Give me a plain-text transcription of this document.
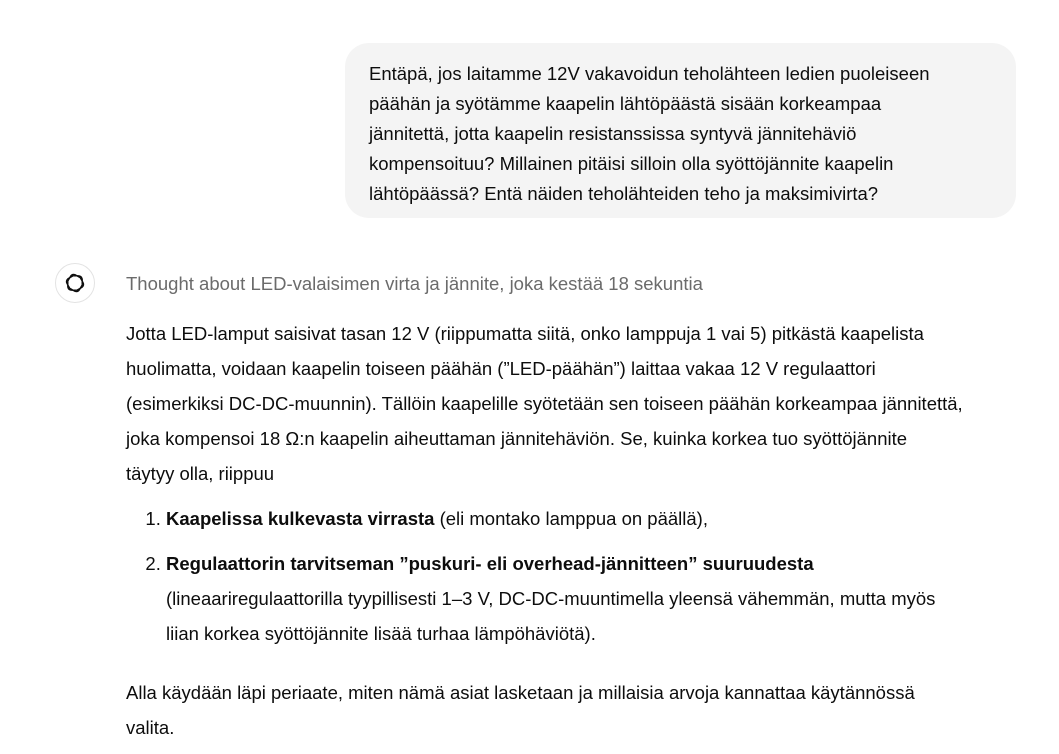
Entäpä, jos laitamme 12V vakavoidun teholähteen ledien puoleiseen
päähän ja syötämme kaapelin lähtöpäästä sisään korkeampaa
jännitettä, jotta kaapelin resistanssissa syntyvä jännitehäviö
kompensoituu? Millainen pitäisi silloin olla syöttöjännite kaapelin
lähtöpäässä? Entä näiden teholähteiden teho ja maksimivirta?
Thought about LED-valaisimen virta ja jännite, joka kestää 18 sekuntia

Jotta LED-lamput saisivat tasan 12 V (riippumatta siitä, onko lamppuja 1 vai 5) pitkästä kaapelista
huolimatta, voidaan kaapelin toiseen päähän (”LED-päähän”) laittaa vakaa 12 V regulaattori
(esimerkiksi DC-DC-muunnin). Tällöin kaapelille syötetään sen toiseen päähän korkeampaa jännitettä,
joka kompensoi 18 Ω:n kaapelin aiheuttaman jännitehäviön. Se, kuinka korkea tuo syöttöjännite
täytyy olla, riippuu

1. Kaapelissa kulkevasta virrasta (eli montako lamppua on päällä),
2. Regulaattorin tarvitseman ”puskuri- eli overhead-jännitteen” suuruudesta
(lineaariregulaattorilla tyypillisesti 1–3 V, DC-DC-muuntimella yleensä vähemmän, mutta myös
liian korkea syöttöjännite lisää turhaa lämpöhäviötä).

Alla käydään läpi periaate, miten nämä asiat lasketaan ja millaisia arvoja kannattaa käytännössä
valita.
